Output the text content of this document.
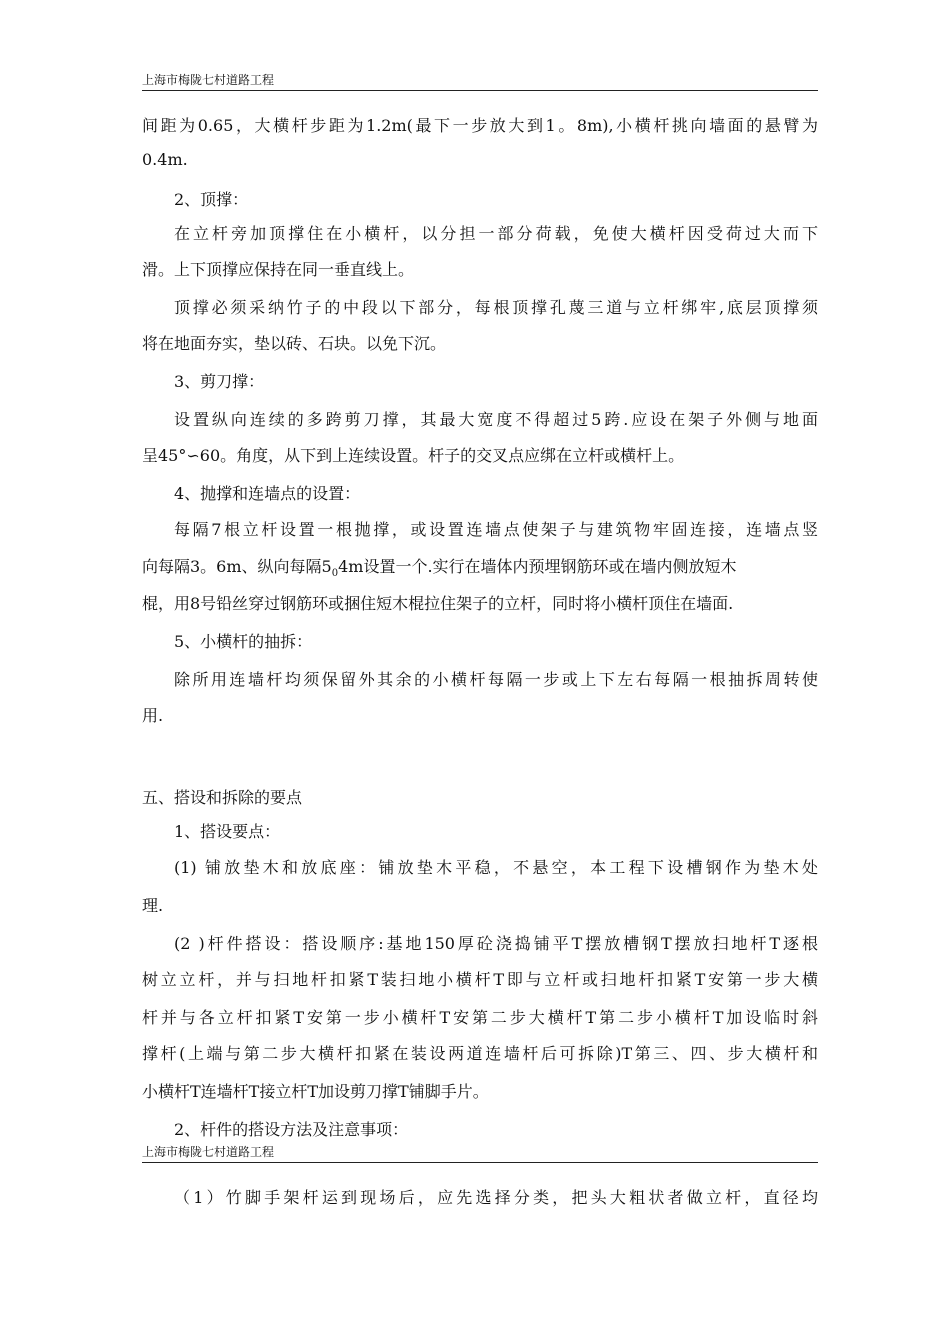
上海市梅陇七村道路工程
间距为0.65，大横杆步距为1.2m(最下一步放大到1。8m),小横杆挑向墙面的悬臂为
0.4m.
2、顶撑：
在立杆旁加顶撑住在小横杆，以分担一部分荷载，免使大横杆因受荷过大而下
滑。上下顶撑应保持在同一垂直线上。
顶撑必须采纳竹子的中段以下部分，每根顶撑孔蔑三道与立杆绑牢,底层顶撑须
将在地面夯实，垫以砖、石块。以免下沉。
3、剪刀撑：
设置纵向连续的多跨剪刀撑，其最大宽度不得超过5跨.应设在架子外侧与地面
呈45°∽60。角度，从下到上连续设置。杆子的交叉点应绑在立杆或横杆上。
4、抛撑和连墙点的设置：
每隔7根立杆设置一根抛撑，或设置连墙点使架子与建筑物牢固连接，连墙点竖
向每隔3。6m、纵向每隔$5_04m$设置一个.实行在墙体内预埋钢筋环或在墙内侧放短木
棍，用8号铅丝穿过钢筋环或捆住短木棍拉住架子的立杆，同时将小横杆顶住在墙面.
5、小横杆的抽拆：
除所用连墙杆均须保留外其余的小横杆每隔一步或上下左右每隔一根抽拆周转使
用.
五、搭设和拆除的要点
1、搭设要点：
(1) 铺放垫木和放底座：铺放垫木平稳，不悬空，本工程下设槽钢作为垫木处
理.
(2 )杆件搭设：搭设顺序:基地150厚砼浇捣铺平T摆放槽钢T摆放扫地杆T逐根
树立立杆，并与扫地杆扣紧T装扫地小横杆T即与立杆或扫地杆扣紧T安第一步大横
杆并与各立杆扣紧T安第一步小横杆T安第二步大横杆T第二步小横杆T加设临时斜
撑杆(上端与第二步大横杆扣紧在装设两道连墙杆后可拆除)T第三、四、步大横杆和
小横杆T连墙杆T接立杆T加设剪刀撑T铺脚手片。
2、杆件的搭设方法及注意事项：
上海市梅陇七村道路工程
（1）竹脚手架杆运到现场后，应先选择分类，把头大粗状者做立杆，直径均
